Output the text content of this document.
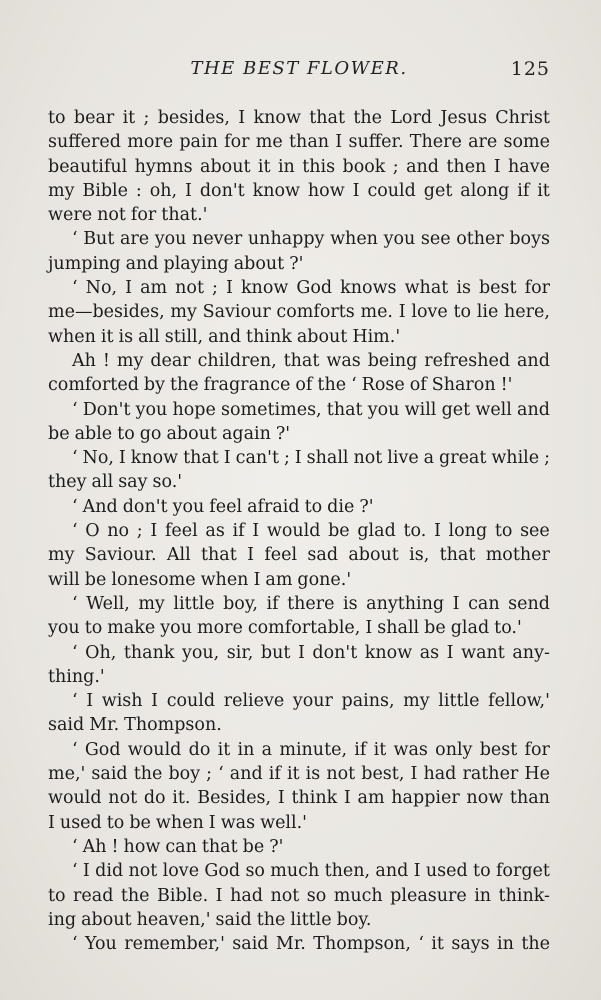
THE BEST FLOWER.	125
to bear it ; besides, I know that the Lord Jesus Christ
suffered more pain for me than I suffer. There are some
beautiful hymns about it in this book ; and then I have
my Bible : oh, I don't know how I could get along if it
were not for that.'
‘ But are you never unhappy when you see other boys
jumping and playing about ?'
‘ No, I am not ; I know God knows what is best for
me—besides, my Saviour comforts me. I love to lie here,
when it is all still, and think about Him.'
Ah ! my dear children, that was being refreshed and
comforted by the fragrance of the ‘ Rose of Sharon !'
‘ Don't you hope sometimes, that you will get well and
be able to go about again ?'
‘ No, I know that I can't ; I shall not live a great while ;
they all say so.'
‘ And don't you feel afraid to die ?'
‘ O no ; I feel as if I would be glad to. I long to see
my Saviour. All that I feel sad about is, that mother
will be lonesome when I am gone.'
‘ Well, my little boy, if there is anything I can send
you to make you more comfortable, I shall be glad to.'
‘ Oh, thank you, sir, but I don't know as I want any-
thing.'
‘ I wish I could relieve your pains, my little fellow,'
said Mr. Thompson.
‘ God would do it in a minute, if it was only best for
me,' said the boy ; ‘ and if it is not best, I had rather He
would not do it. Besides, I think I am happier now than
I used to be when I was well.'
‘ Ah ! how can that be ?'
‘ I did not love God so much then, and I used to forget
to read the Bible. I had not so much pleasure in think-
ing about heaven,' said the little boy.
‘ You remember,' said Mr. Thompson, ‘ it says in the
